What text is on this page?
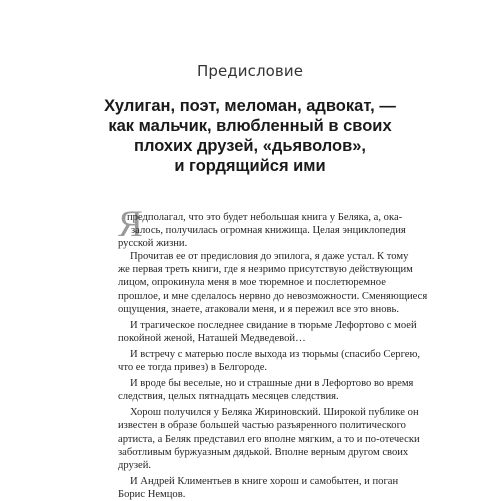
Предисловие
Хулиган, поэт, меломан, адвокат, —
как мальчик, влюбленный в своих
плохих друзей, «дьяволов»,
и гордящийся ими
Я
предполагал, что это будет небольшая книга у Беляка, а, ока-
залось, получилась огромная книжища. Целая энциклопедия
русской жизни.
Прочитав ее от предисловия до эпилога, я даже устал. К тому
же первая треть книги, где я незримо присутствую действующим
лицом, опрокинула меня в мое тюремное и послетюремное
прошлое, и мне сделалось нервно до невозможности. Сменяющиеся
ощущения, знаете, атаковали меня, и я пережил все это вновь.
И трагическое последнее свидание в тюрьме Лефортово с моей
покойной женой, Наташей Медведевой…
И встречу с матерью после выхода из тюрьмы (спасибо Сергею,
что ее тогда привез) в Белгороде.
И вроде бы веселые, но и страшные дни в Лефортово во время
следствия, целых пятнадцать месяцев следствия.
Хорош получился у Беляка Жириновский. Широкой публике он
известен в образе большей частью разъяренного политического
артиста, а Беляк представил его вполне мягким, а то и по-отечески
заботливым буржуазным дядькой. Вполне верным другом своих
друзей.
И Андрей Климентьев в книге хорош и самобытен, и поган
Борис Немцов.
